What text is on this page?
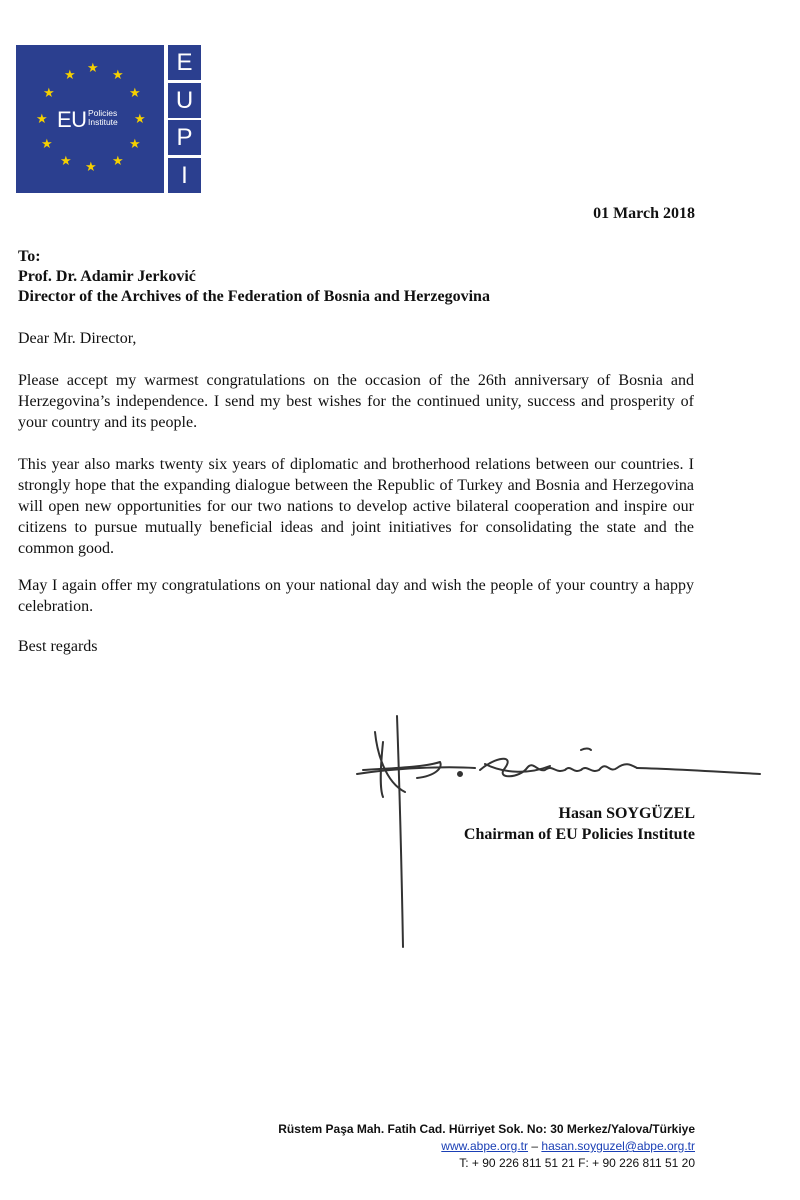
★ ★
★
★
★
★
★
★
★
★
★ ★
EU Policies
Institute
E
U
P
I
01 March 2018
To:
Prof. Dr. Adamir Jerković
Director of the Archives of the Federation of Bosnia and Herzegovina
Dear Mr. Director,
Please accept my warmest congratulations on the occasion of the 26th anniversary of Bosnia and Herzegovina’s independence. I send my best wishes for the continued unity, success and prosperity of your country and its people.
This year also marks twenty six years of diplomatic and brotherhood relations between our countries. I strongly hope that the expanding dialogue between the Republic of Turkey and Bosnia and Herzegovina will open new opportunities for our two nations to develop active bilateral cooperation and inspire our citizens to pursue mutually beneficial ideas and joint initiatives for consolidating the state and the common good.
May I again offer my congratulations on your national day and wish the people of your country a happy celebration.
Best regards
Hasan SOYGÜZEL
Chairman of EU Policies Institute
Rüstem Paşa Mah. Fatih Cad. Hürriyet Sok. No: 30 Merkez/Yalova/Türkiye
www.abpe.org.tr – hasan.soyguzel@abpe.org.tr
T: + 90 226 811 51 21 F: + 90 226 811 51 20
